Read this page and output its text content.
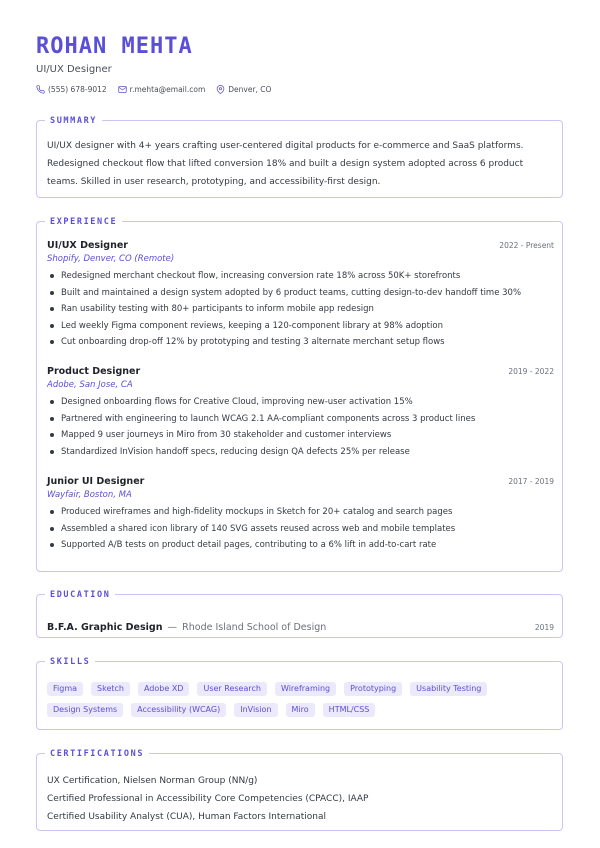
ROHAN MEHTA
UI/UX Designer
(555) 678-9012	r.mehta@email.com	Denver, CO
SUMMARY
UI/UX designer with 4+ years crafting user-centered digital products for e-commerce and SaaS platforms. Redesigned checkout flow that lifted conversion 18% and built a design system adopted across 6 product teams. Skilled in user research, prototyping, and accessibility-first design.
EXPERIENCE
UI/UX Designer	2022 - Present
Shopify, Denver, CO (Remote)
Redesigned merchant checkout flow, increasing conversion rate 18% across 50K+ storefronts
Built and maintained a design system adopted by 6 product teams, cutting design-to-dev handoff time 30%
Ran usability testing with 80+ participants to inform mobile app redesign
Led weekly Figma component reviews, keeping a 120-component library at 98% adoption
Cut onboarding drop-off 12% by prototyping and testing 3 alternate merchant setup flows
Product Designer	2019 - 2022
Adobe, San Jose, CA
Designed onboarding flows for Creative Cloud, improving new-user activation 15%
Partnered with engineering to launch WCAG 2.1 AA-compliant components across 3 product lines
Mapped 9 user journeys in Miro from 30 stakeholder and customer interviews
Standardized InVision handoff specs, reducing design QA defects 25% per release
Junior UI Designer	2017 - 2019
Wayfair, Boston, MA
Produced wireframes and high-fidelity mockups in Sketch for 20+ catalog and search pages
Assembled a shared icon library of 140 SVG assets reused across web and mobile templates
Supported A/B tests on product detail pages, contributing to a 6% lift in add-to-cart rate
EDUCATION
B.F.A. Graphic Design — Rhode Island School of Design	2019
SKILLS
Figma	Sketch	Adobe XD	User Research	Wireframing	Prototyping	Usability Testing
Design Systems	Accessibility (WCAG)	InVision	Miro	HTML/CSS
CERTIFICATIONS
UX Certification, Nielsen Norman Group (NN/g)
Certified Professional in Accessibility Core Competencies (CPACC), IAAP
Certified Usability Analyst (CUA), Human Factors International
